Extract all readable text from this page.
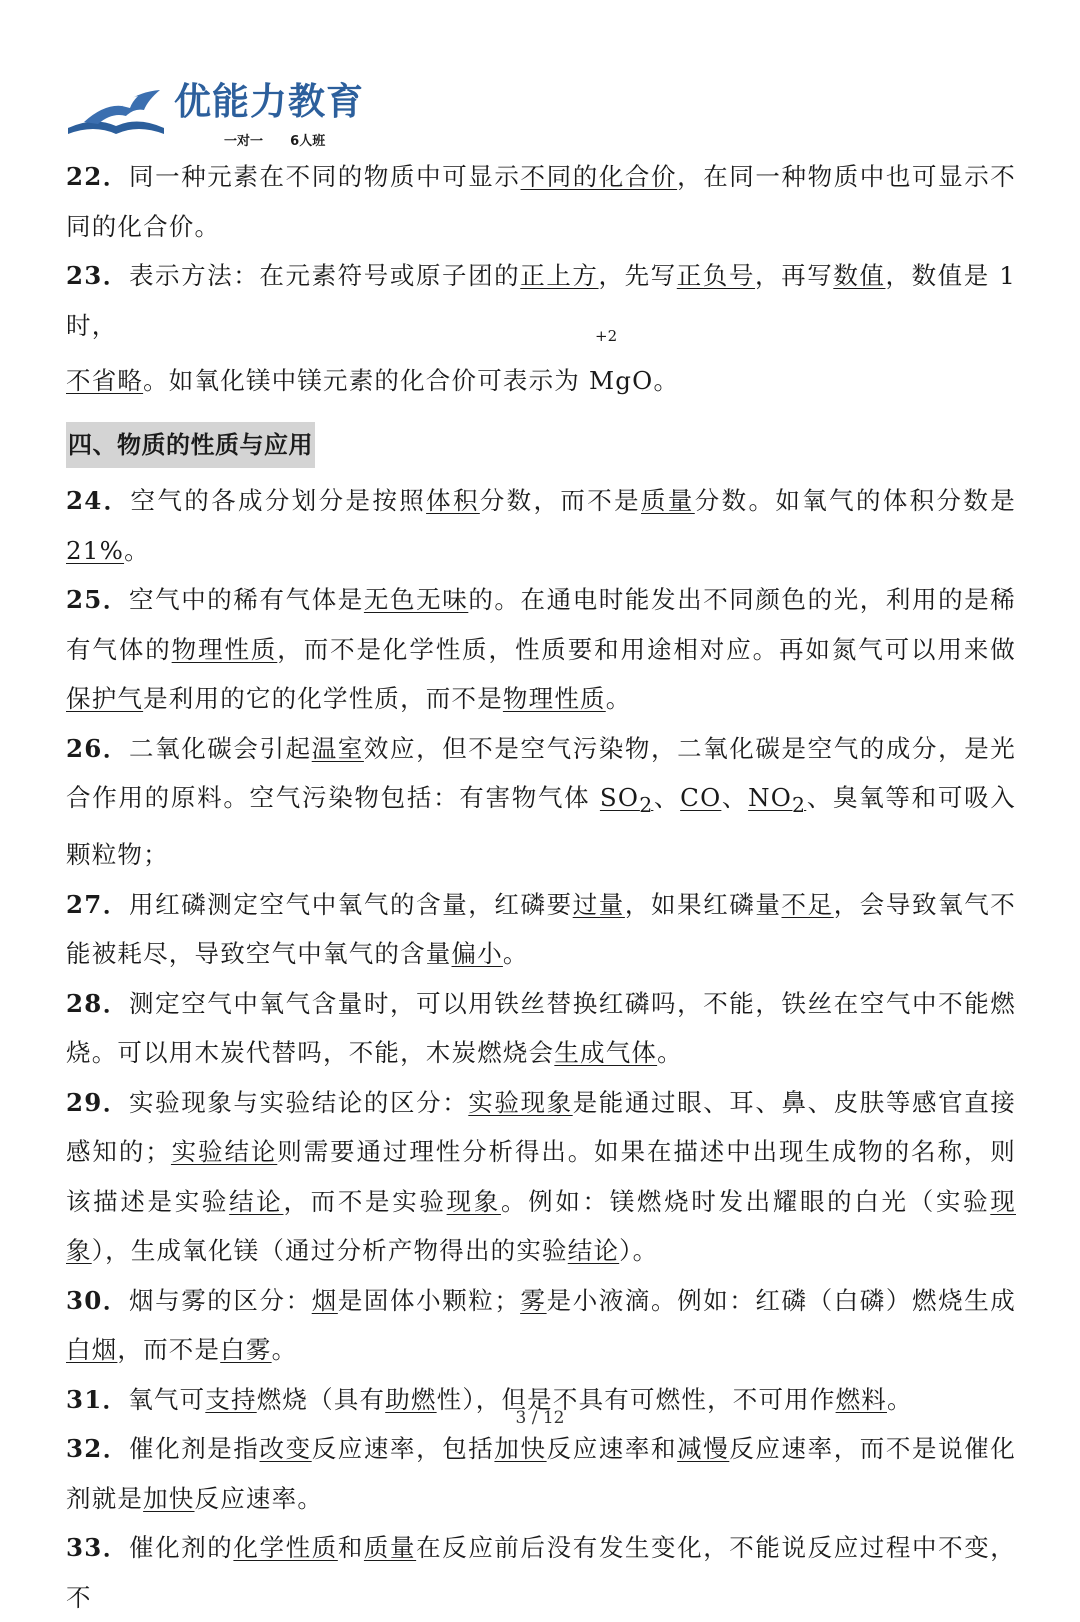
优能力教育
一对一 6人班

22．同一种元素在不同的物质中可显示不同的化合价，在同一种物质中也可显示不同的化合价。

23．表示方法：在元素符号或原子团的正上方，先写正负号，再写数值，数值是 1 时，

不省略。如氧化镁中镁元素的化合价可表示为
+2
MgO。

四、物质的性质与应用

24．空气的各成分划分是按照体积分数，而不是质量分数。如氧气的体积分数是 21%。

25．空气中的稀有气体是无色无味的。在通电时能发出不同颜色的光，利用的是稀有气体的物理性质，而不是化学性质，性质要和用途相对应。再如氮气可以用来做保护气是利用的它的化学性质，而不是物理性质。

26．二氧化碳会引起温室效应，但不是空气污染物，二氧化碳是空气的成分，是光合作用的原料。空气污染物包括：有害物气体 $SO_2$、CO、$NO_2$、臭氧等和可吸入颗粒物；

27．用红磷测定空气中氧气的含量，红磷要过量，如果红磷量不足，会导致氧气不能被耗尽，导致空气中氧气的含量偏小。

28．测定空气中氧气含量时，可以用铁丝替换红磷吗，不能，铁丝在空气中不能燃烧。可以用木炭代替吗，不能，木炭燃烧会生成气体。

29．实验现象与实验结论的区分：实验现象是能通过眼、耳、鼻、皮肤等感官直接感知的；实验结论则需要通过理性分析得出。如果在描述中出现生成物的名称，则该描述是实验结论，而不是实验现象。例如：镁燃烧时发出耀眼的白光（实验现象），生成氧化镁（通过分析产物得出的实验结论）。

30．烟与雾的区分：烟是固体小颗粒；雾是小液滴。例如：红磷（白磷）燃烧生成白烟，而不是白雾。

31．氧气可支持燃烧（具有助燃性），但是不具有可燃性，不可用作燃料。

32．催化剂是指改变反应速率，包括加快反应速率和减慢反应速率，而不是说催化剂就是加快反应速率。

33．催化剂的化学性质和质量在反应前后没有发生变化，不能说反应过程中不变，不

3 / 12
